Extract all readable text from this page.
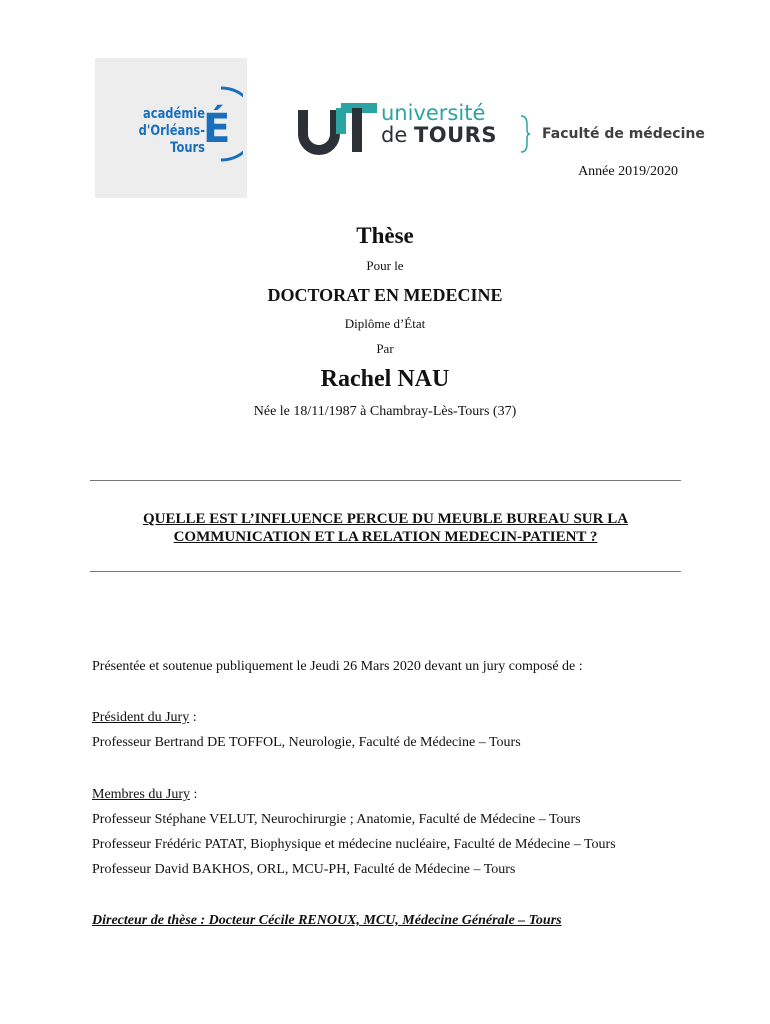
académie
d'Orléans-Tours
É	université
de TOURS	Faculté de médecine
Année 2019/2020
Thèse
Pour le
DOCTORAT EN MEDECINE
Diplôme d’État
Par
Rachel NAU
Née le 18/11/1987 à Chambray-Lès-Tours (37)
QUELLE EST L’INFLUENCE PERCUE DU MEUBLE BUREAU SUR LA
COMMUNICATION ET LA RELATION MEDECIN-PATIENT ?
Présentée et soutenue publiquement le Jeudi 26 Mars 2020 devant un jury composé de :
Président du Jury :
Professeur Bertrand DE TOFFOL, Neurologie, Faculté de Médecine – Tours
Membres du Jury :
Professeur Stéphane VELUT, Neurochirurgie ; Anatomie, Faculté de Médecine – Tours
Professeur Frédéric PATAT, Biophysique et médecine nucléaire, Faculté de Médecine – Tours
Professeur David BAKHOS, ORL, MCU-PH, Faculté de Médecine – Tours
Directeur de thèse : Docteur Cécile RENOUX, MCU, Médecine Générale – Tours
